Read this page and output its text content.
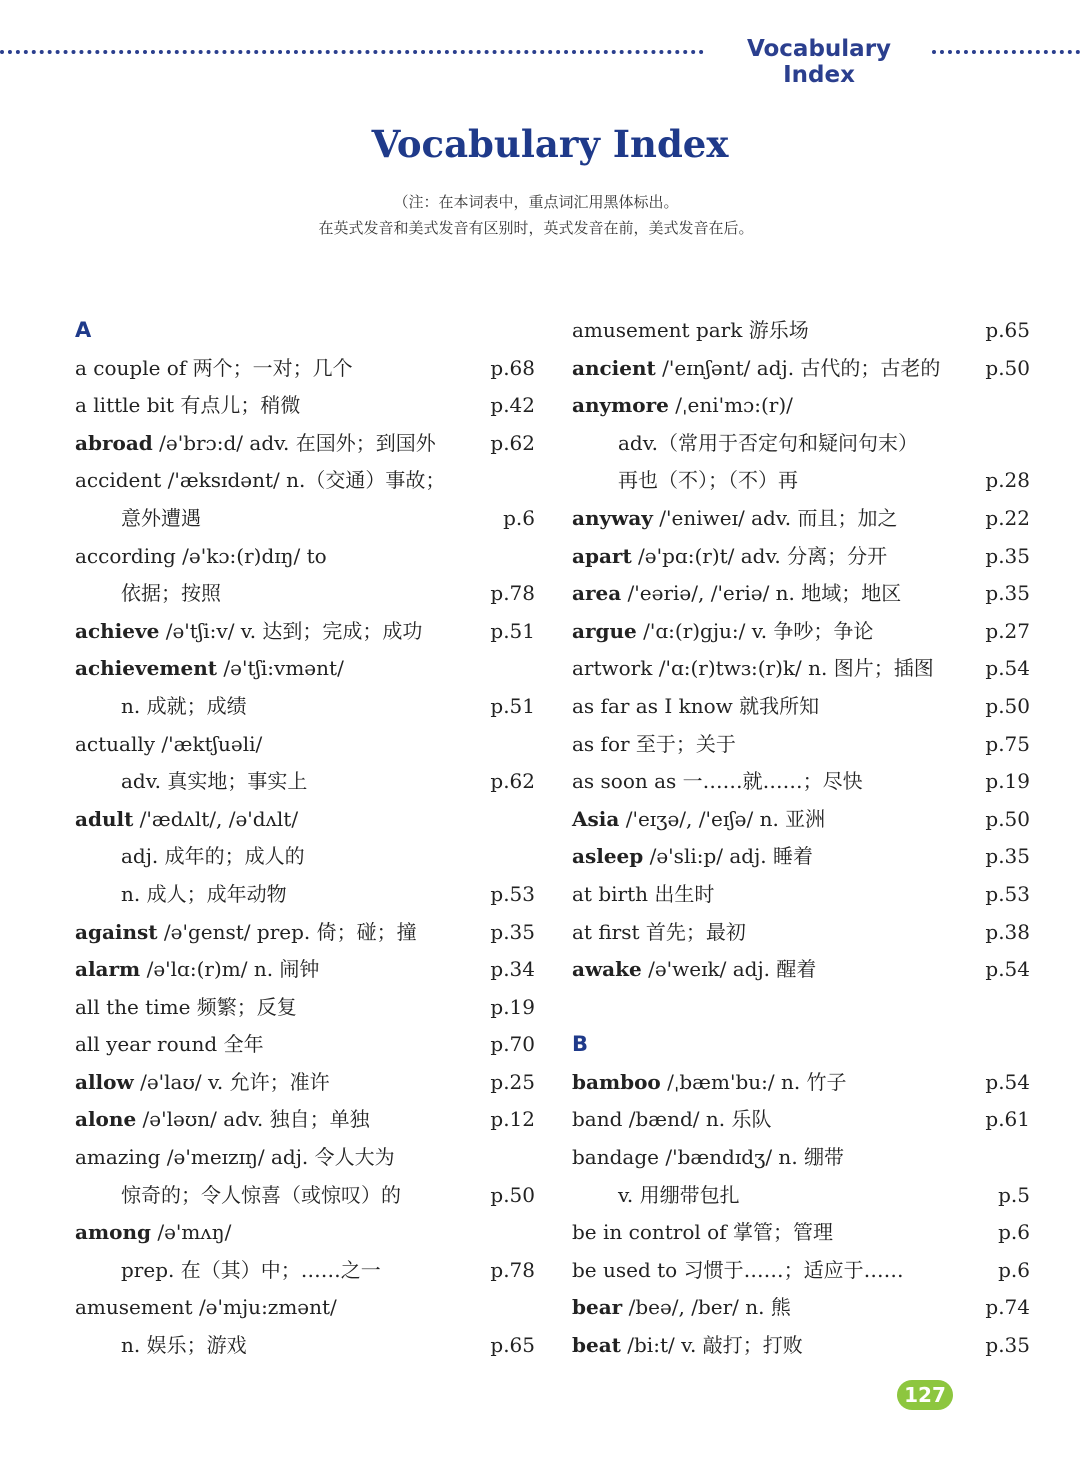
Vocabulary Index
Vocabulary Index
（注：在本词表中，重点词汇用黑体标出。
在英式发音和美式发音有区别时，英式发音在前，美式发音在后。
A
a couple of 两个；一对；几个	p.68
a little bit 有点儿；稍微	p.42
abroad /ə'brɔ:d/ adv. 在国外；到国外	p.62
accident /'æksɪdənt/ n.（交通）事故；
意外遭遇	p.6
according /ə'kɔ:(r)dɪŋ/ to
依据；按照	p.78
achieve /ə'tʃi:v/ v. 达到；完成；成功	p.51
achievement /ə'tʃi:vmənt/
n. 成就；成绩	p.51
actually /'æktʃuəli/
adv. 真实地；事实上	p.62
adult /'ædʌlt/, /ə'dʌlt/
adj. 成年的；成人的
n. 成人；成年动物	p.53
against /ə'genst/ prep. 倚；碰；撞	p.35
alarm /ə'lɑ:(r)m/ n. 闹钟	p.34
all the time 频繁；反复	p.19
all year round 全年	p.70
allow /ə'laʊ/ v. 允许；准许	p.25
alone /ə'ləʊn/ adv. 独自；单独	p.12
amazing /ə'meɪzɪŋ/ adj. 令人大为
惊奇的；令人惊喜（或惊叹）的	p.50
among /ə'mʌŋ/
prep. 在（其）中；……之一	p.78
amusement /ə'mju:zmənt/
n. 娱乐；游戏	p.65
amusement park 游乐场	p.65
ancient /'eɪnʃənt/ adj. 古代的；古老的 p.50
anymore /ˌeni'mɔ:(r)/
adv.（常用于否定句和疑问句末）
再也（不）；（不）再	p.28
anyway /'eniweɪ/ adv. 而且；加之	p.22
apart /ə'pɑ:(r)t/ adv. 分离；分开	p.35
area /'eəriə/, /'eriə/ n. 地域；地区	p.35
argue /'ɑ:(r)gju:/ v. 争吵；争论	p.27
artwork /'ɑ:(r)twɜ:(r)k/ n. 图片；插图	p.54
as far as I know 就我所知	p.50
as for 至于；关于	p.75
as soon as 一……就……；尽快	p.19
Asia /'eɪʒə/, /'eɪʃə/ n. 亚洲	p.50
asleep /ə'sli:p/ adj. 睡着	p.35
at birth 出生时	p.53
at first 首先；最初	p.38
awake /ə'weɪk/ adj. 醒着	p.54
B
bamboo /ˌbæm'bu:/ n. 竹子	p.54
band /bænd/ n. 乐队	p.61
bandage /'bændɪdʒ/ n. 绷带
v. 用绷带包扎	p.5
be in control of 掌管；管理	p.6
be used to 习惯于……；适应于……	p.6
bear /beə/, /ber/ n. 熊	p.74
beat /bi:t/ v. 敲打；打败	p.35
127
